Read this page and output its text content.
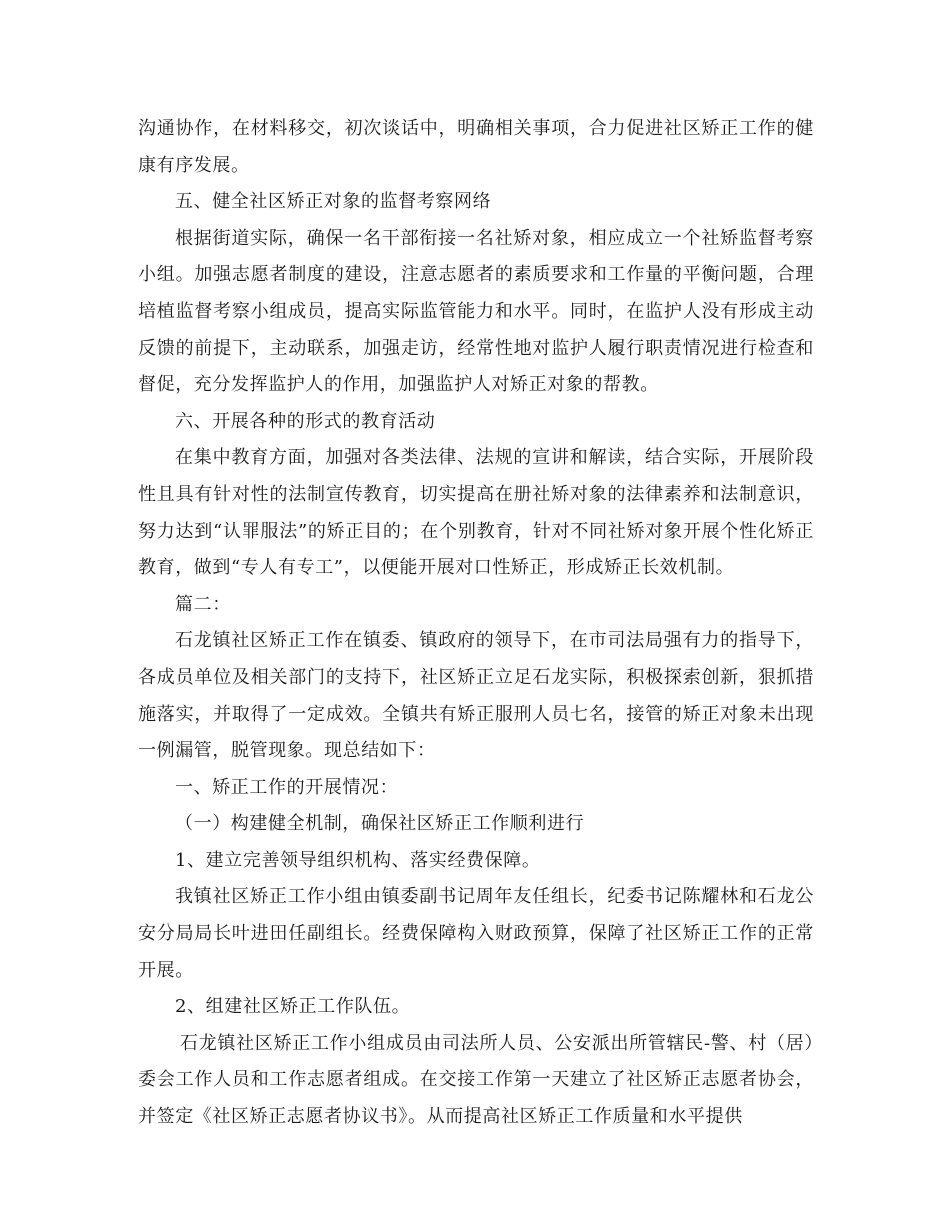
沟通协作，在材料移交，初次谈话中，明确相关事项，合力促进社区矫正工作的健康有序发展。

五、健全社区矫正对象的监督考察网络

根据街道实际，确保一名干部衔接一名社矫对象，相应成立一个社矫监督考察小组。加强志愿者制度的建设，注意志愿者的素质要求和工作量的平衡问题，合理培植监督考察小组成员，提高实际监管能力和水平。同时，在监护人没有形成主动反馈的前提下，主动联系，加强走访，经常性地对监护人履行职责情况进行检查和督促，充分发挥监护人的作用，加强监护人对矫正对象的帮教。

六、开展各种的形式的教育活动

在集中教育方面，加强对各类法律、法规的宣讲和解读，结合实际，开展阶段性且具有针对性的法制宣传教育，切实提高在册社矫对象的法律素养和法制意识，努力达到“认罪服法”的矫正目的；在个别教育，针对不同社矫对象开展个性化矫正教育，做到“专人有专工”，以便能开展对口性矫正，形成矫正长效机制。

篇二：

石龙镇社区矫正工作在镇委、镇政府的领导下，在市司法局强有力的指导下，各成员单位及相关部门的支持下，社区矫正立足石龙实际，积极探索创新，狠抓措施落实，并取得了一定成效。全镇共有矫正服刑人员七名，接管的矫正对象未出现一例漏管，脱管现象。现总结如下：

一、矫正工作的开展情况：

（一）构建健全机制，确保社区矫正工作顺利进行

1、建立完善领导组织机构、落实经费保障。

我镇社区矫正工作小组由镇委副书记周年友任组长，纪委书记陈耀林和石龙公安分局局长叶进田任副组长。经费保障构入财政预算，保障了社区矫正工作的正常开展。

2、组建社区矫正工作队伍。

石龙镇社区矫正工作小组成员由司法所人员、公安派出所管辖民-警、村（居）委会工作人员和工作志愿者组成。在交接工作第一天建立了社区矫正志愿者协会，并签定《社区矫正志愿者协议书》。从而提高社区矫正工作质量和水平提供
